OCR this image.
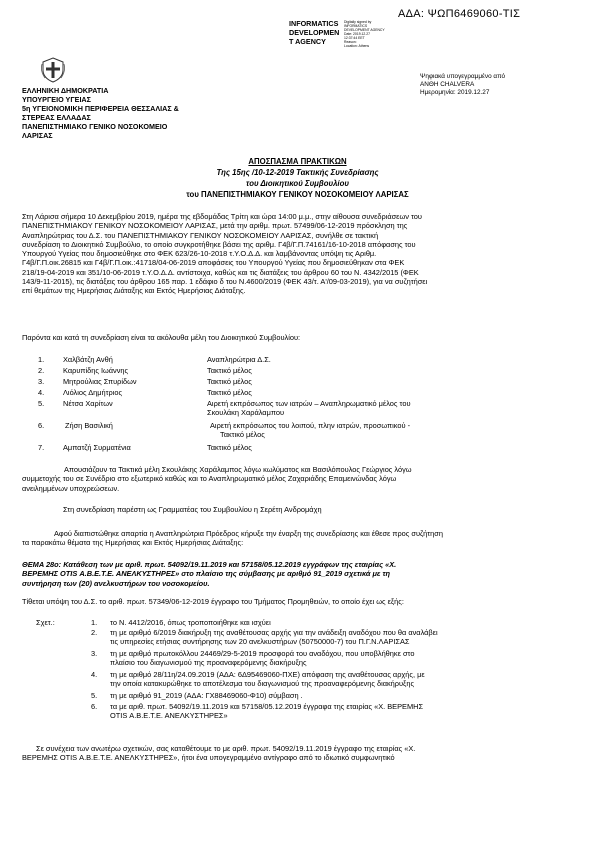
ΑΔΑ: ΨΩΠ6469060-ΤΙΣ
INFORMATICS
DEVELOPMEN
T AGENCY
Digitally signed by
INFORMATICS
DEVELOPMENT AGENCY
Date: 2019.12.27
12:37:44 EET
Reason:
Location: Athens
Ψηφιακά υπογεγραμμένο από
ΑΝΘΗ CHALVERA
Ημερομηνία: 2019.12.27
ΕΛΛΗΝΙΚΗ ΔΗΜΟΚΡΑΤΙΑ
ΥΠΟΥΡΓΕΙΟ ΥΓΕΙΑΣ
5η ΥΓΕΙΟΝΟΜΙΚΗ ΠΕΡΙΦΕΡΕΙΑ ΘΕΣΣΑΛΙΑΣ &
ΣΤΕΡΕΑΣ ΕΛΛΑΔΑΣ
ΠΑΝΕΠΙΣΤΗΜΙΑΚΟ ΓΕΝΙΚΟ ΝΟΣΟΚΟΜΕΙΟ
ΛΑΡΙΣΑΣ
ΑΠΟΣΠΑΣΜΑ ΠΡΑΚΤΙΚΩΝ
Της 15ης /10-12-2019 Τακτικής Συνεδρίασης
του Διοικητικού Συμβουλίου
του ΠΑΝΕΠΙΣΤΗΜΙΑΚΟΥ ΓΕΝΙΚΟΥ ΝΟΣΟΚΟΜΕΙΟΥ ΛΑΡΙΣΑΣ
Στη Λάρισα σήμερα 10 Δεκεμβρίου 2019, ημέρα της εβδομάδας Τρίτη και ώρα 14:00 μ.μ., στην αίθουσα συνεδριάσεων του
ΠΑΝΕΠΙΣΤΗΜΙΑΚΟΥ ΓΕΝΙΚΟΥ ΝΟΣΟΚΟΜΕΙΟΥ ΛΑΡΙΣΑΣ, μετά την αριθμ. πρωτ. 57499/06-12-2019 πρόσκληση της
Αναπληρώτριας του Δ.Σ. του ΠΑΝΕΠΙΣΤΗΜΙΑΚΟΥ ΓΕΝΙΚΟΥ ΝΟΣΟΚΟΜΕΙΟΥ ΛΑΡΙΣΑΣ, συνήλθε σε τακτική
συνεδρίαση το Διοικητικό Συμβούλιο, το οποίο συγκροτήθηκε βάσει της αριθμ. Γ4β/Γ.Π.74161/16-10-2018 απόφασης του
Υπουργού Υγείας που δημοσιεύθηκε στο ΦΕΚ 623/26-10-2018 τ.Υ.Ο.Δ.Δ. και λαμβάνοντας υπόψη τις Αριθμ.
Γ4β/Γ.Π.οικ.26815 και Γ4β/Γ.Π.οικ.:41718/04-06-2019 αποφάσεις του Υπουργού Υγείας που δημοσιεύθηκαν στα ΦΕΚ
218/19-04-2019 και 351/10-06-2019 τ.Υ.Ο.Δ.Δ. αντίστοιχα, καθώς και τις διατάξεις του άρθρου 60 του Ν. 4342/2015 (ΦΕΚ
143/9-11-2015), τις διατάξεις του άρθρου 165 παρ. 1 εδάφιο δ του Ν.4600/2019 (ΦΕΚ 43/τ. Α'/09-03-2019), για να συζητήσει
επί θεμάτων της Ημερήσιας Διάταξης και Εκτός Ημερήσιας Διάταξης.
Παρόντα και κατά τη συνεδρίαση είναι τα ακόλουθα μέλη του Διοικητικού Συμβουλίου:
1.	Χαλβάτζη Ανθή	Αναπληρώτρια Δ.Σ.
2.	Καρυπίδης Ιωάννης	Τακτικό μέλος
3.	Μητρούλιας Σπυρίδων	Τακτικό μέλος
4.	Λιόλιος Δημήτριος	Τακτικό μέλος
5.	Νέτσα Χαρίτων	Αιρετή εκπρόσωπος των ιατρών – Αναπληρωματικό μέλος του
Σκουλάκη Χαράλαμπου
6.	Ζήση Βασιλική	Αιρετή εκπρόσωπος του λοιπού, πλην ιατρών, προσωπικού -
Τακτικό μέλος
7.	Αμπατζή Συρματένια	Τακτικό μέλος
Απουσιάζουν τα Τακτικά μέλη Σκουλάκης Χαράλαμπος λόγω κωλύματος και Βασιλόπουλος Γεώργιος λόγω
συμμετοχής του σε Συνέδριο στο εξωτερικό καθώς και το Αναπληρωματικό μέλος Ζαχαριάδης Επαμεινώνδας λόγω
ανειλημμένων υποχρεώσεων.
Στη συνεδρίαση παρέστη ως Γραμματέας του Συμβουλίου η Σερέτη Ανδρομάχη
Αφού διαπιστώθηκε απαρτία η Αναπληρώτρια Πρόεδρος κήρυξε την έναρξη της συνεδρίασης και έθεσε προς συζήτηση
τα παρακάτω θέματα της Ημερήσιας και Εκτός Ημερήσιας Διάταξης:
ΘΕΜΑ 28ο: Κατάθεση των με αριθ. πρωτ. 54092/19.11.2019 και 57158/05.12.2019 εγγράφων της εταιρίας «Χ.
ΒΕΡΕΜΗΣ OTIS Α.Β.Ε.Τ.Ε. ΑΝΕΛΚΥΣΤΗΡΕΣ» στο πλαίσιο της σύμβασης με αριθμό 91_2019 σχετικά με τη
συντήρηση των (20) ανελκυστήρων του νοσοκομείου.
Τίθεται υπόψη του Δ.Σ. το αριθ. πρωτ. 57349/06-12-2019 έγγραφο του Τμήματος Προμηθειών, το οποίο έχει ως εξής:
Σχετ.:	1. το Ν. 4412/2016, όπως τροποποιήθηκε και ισχύει
2. τη με αριθμό 6/2019 διακήρυξη της αναθέτουσας αρχής για την ανάδειξη αναδόχου που θα αναλάβει
τις υπηρεσίες ετήσιας συντήρησης των 20 ανελκυστήρων (50750000-7) του Π.Γ.Ν.ΛΑΡΙΣΑΣ
3. τη με αριθμό πρωτοκόλλου 24469/29-5-2019 προσφορά του αναδόχου, που υποβλήθηκε στο
πλαίσιο του διαγωνισμού της προαναφερόμενης διακήρυξης
4. τη με αριθμό 28/11η/24.09.2019 (ΑΔΑ: 6Δ95469060-ΠΧΕ) απόφαση της αναθέτουσας αρχής, με
την οποία κατακυρώθηκε το αποτέλεσμα του διαγωνισμού της προαναφερόμενης διακήρυξης
5. τη με αριθμό 91_2019 (ΑΔΑ: ΓΧ88469060-Φ10) σύμβαση .
6. τα με αριθ. πρωτ. 54092/19.11.2019 και 57158/05.12.2019 έγγραφα της εταιρίας «Χ. ΒΕΡΕΜΗΣ
OTIS Α.Β.Ε.Τ.Ε. ΑΝΕΛΚΥΣΤΗΡΕΣ»
Σε συνέχεια των ανωτέρω σχετικών, σας καταθέτουμε το με αριθ. πρωτ. 54092/19.11.2019 έγγραφο της εταιρίας «Χ.
ΒΕΡΕΜΗΣ OTIS Α.Β.Ε.Τ.Ε. ΑΝΕΛΚΥΣΤΗΡΕΣ», ήτοι ένα υπογεγραμμένο αντίγραφο από το ιδιωτικό συμφωνητικό
